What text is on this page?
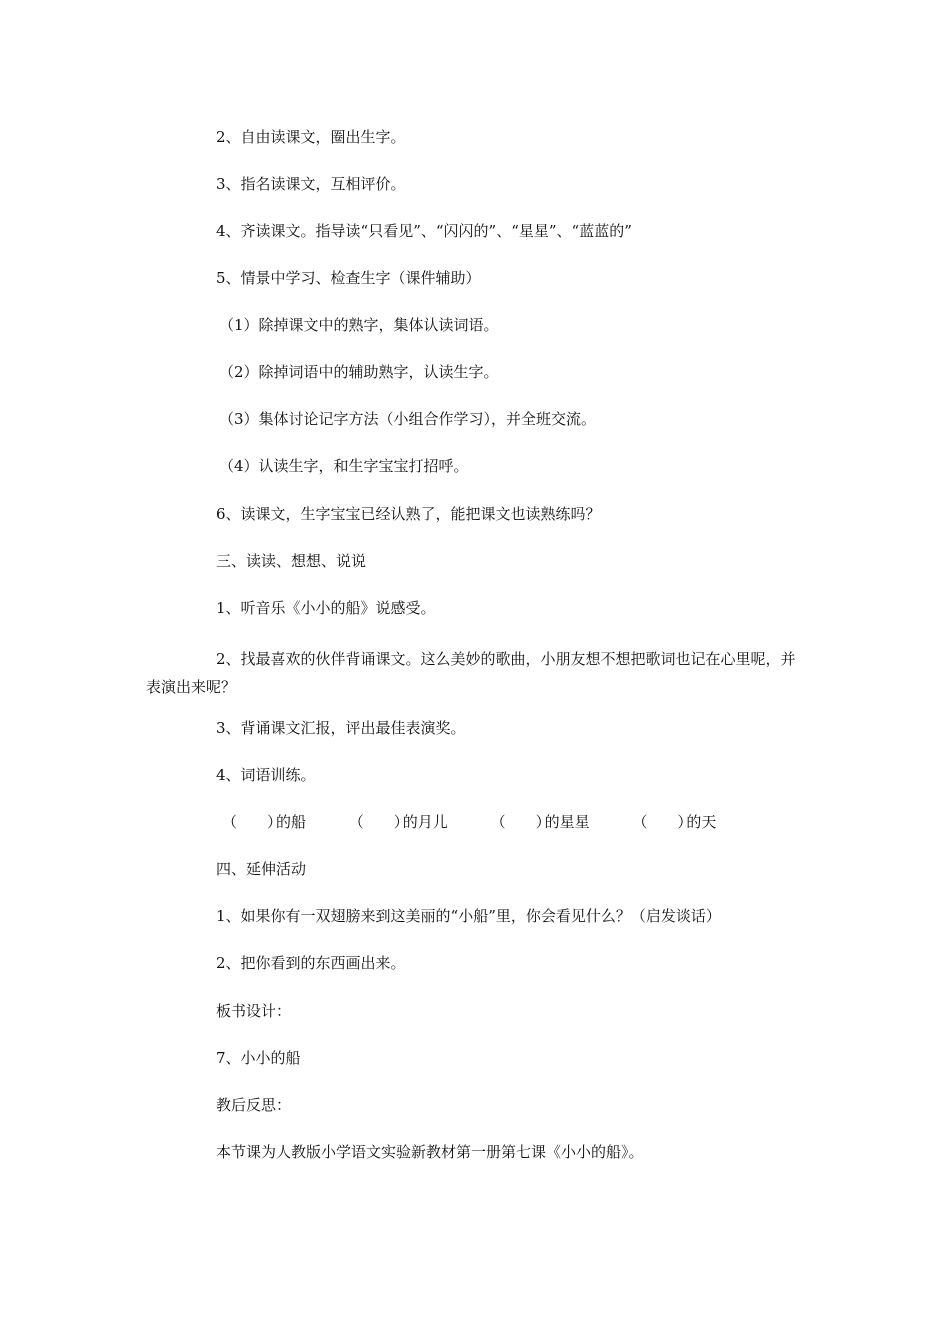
2、自由读课文，圈出生字。
3、指名读课文，互相评价。
4、齐读课文。指导读“只看见”、“闪闪的”、“星星”、“蓝蓝的”
5、情景中学习、检查生字（课件辅助）
（1）除掉课文中的熟字，集体认读词语。
（2）除掉词语中的辅助熟字，认读生字。
（3）集体讨论记字方法（小组合作学习），并全班交流。
（4）认读生字，和生字宝宝打招呼。
6、读课文，生字宝宝已经认熟了，能把课文也读熟练吗？
三、读读、想想、说说
1、听音乐《小小的船》说感受。
2、找最喜欢的伙伴背诵课文。这么美妙的歌曲，小朋友想不想把歌词也记在心里呢，并表演出来呢？
3、背诵课文汇报，评出最佳表演奖。
4、词语训练。
（　　）的船	（　　）的月儿	（　　）的星星	（　　）的天
四、延伸活动
1、如果你有一双翅膀来到这美丽的“小船”里，你会看见什么？（启发谈话）
2、把你看到的东西画出来。
板书设计：
7、小小的船
教后反思：
本节课为人教版小学语文实验新教材第一册第七课《小小的船》。
